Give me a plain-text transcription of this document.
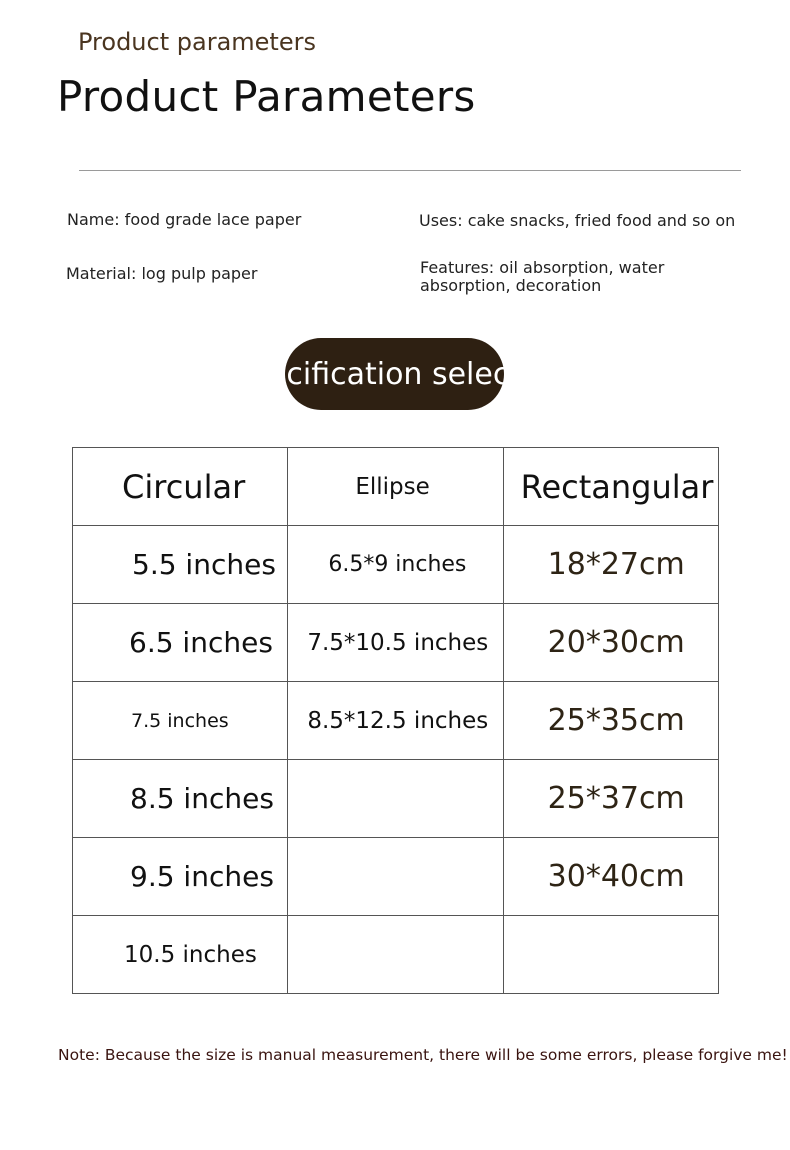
Product parameters
Product Parameters
Name: food grade lace paper	Uses: cake snacks, fried food and so on
Material: log pulp paper	Features: oil absorption, water absorption, decoration
ecification select
Circular	Ellipse	Rectangular
5.5 inches	6.5*9 inches	18*27cm
6.5 inches	7.5*10.5 inches	20*30cm
7.5 inches	8.5*12.5 inches	25*35cm
8.5 inches		25*37cm
9.5 inches		30*40cm
10.5 inches		
Note: Because the size is manual measurement, there will be some errors, please forgive me!
